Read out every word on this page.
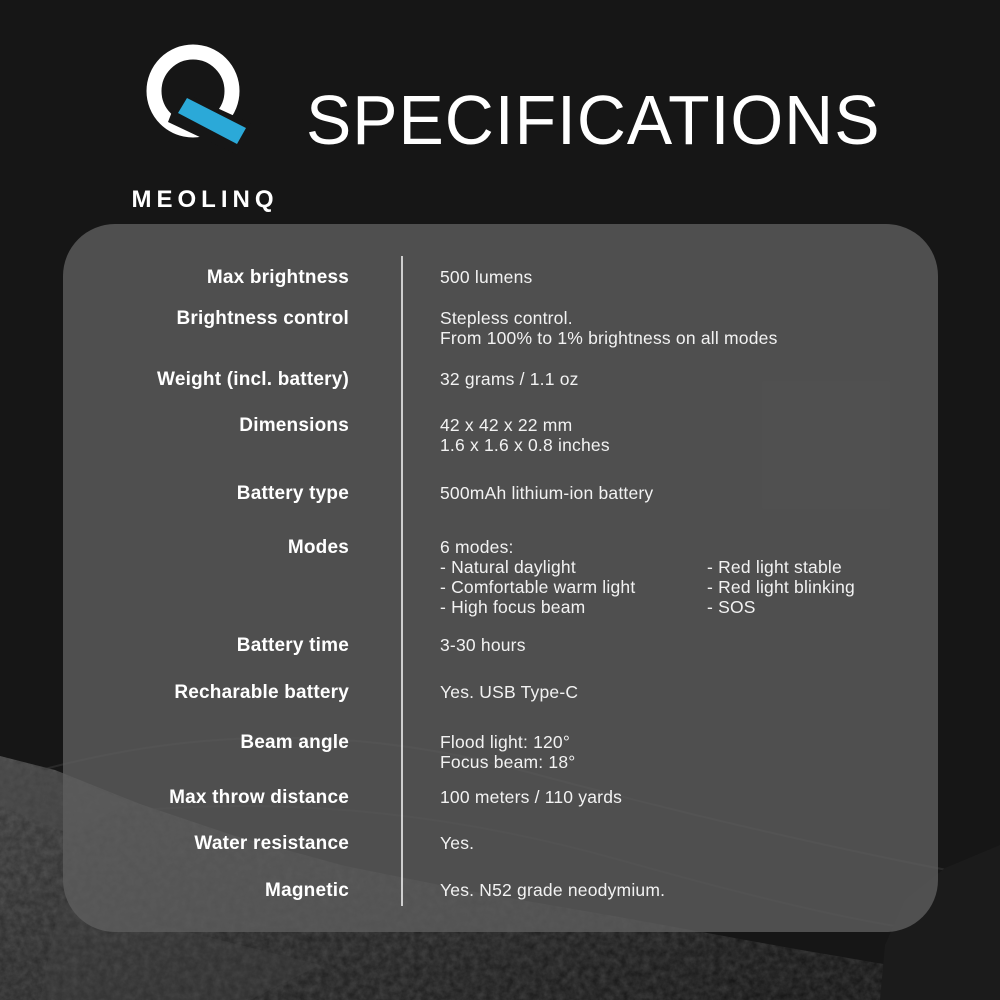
MEOLINQ
SPECIFICATIONS
Max brightness	500 lumens
Brightness control	Stepless control.
From 100% to 1% brightness on all modes
Weight (incl. battery)	32 grams / 1.1 oz
Dimensions	42 x 42 x 22 mm
1.6 x 1.6 x 0.8 inches
Battery type	500mAh lithium-ion battery
Modes	6 modes:
- Natural daylight
- Comfortable warm light
- High focus beam
- Red light stable
- Red light blinking
- SOS
Battery time	3-30 hours
Recharable battery	Yes. USB Type-C
Beam angle	Flood light: 120°
Focus beam: 18°
Max throw distance	100 meters / 110 yards
Water resistance	Yes.
Magnetic	Yes. N52 grade neodymium.
